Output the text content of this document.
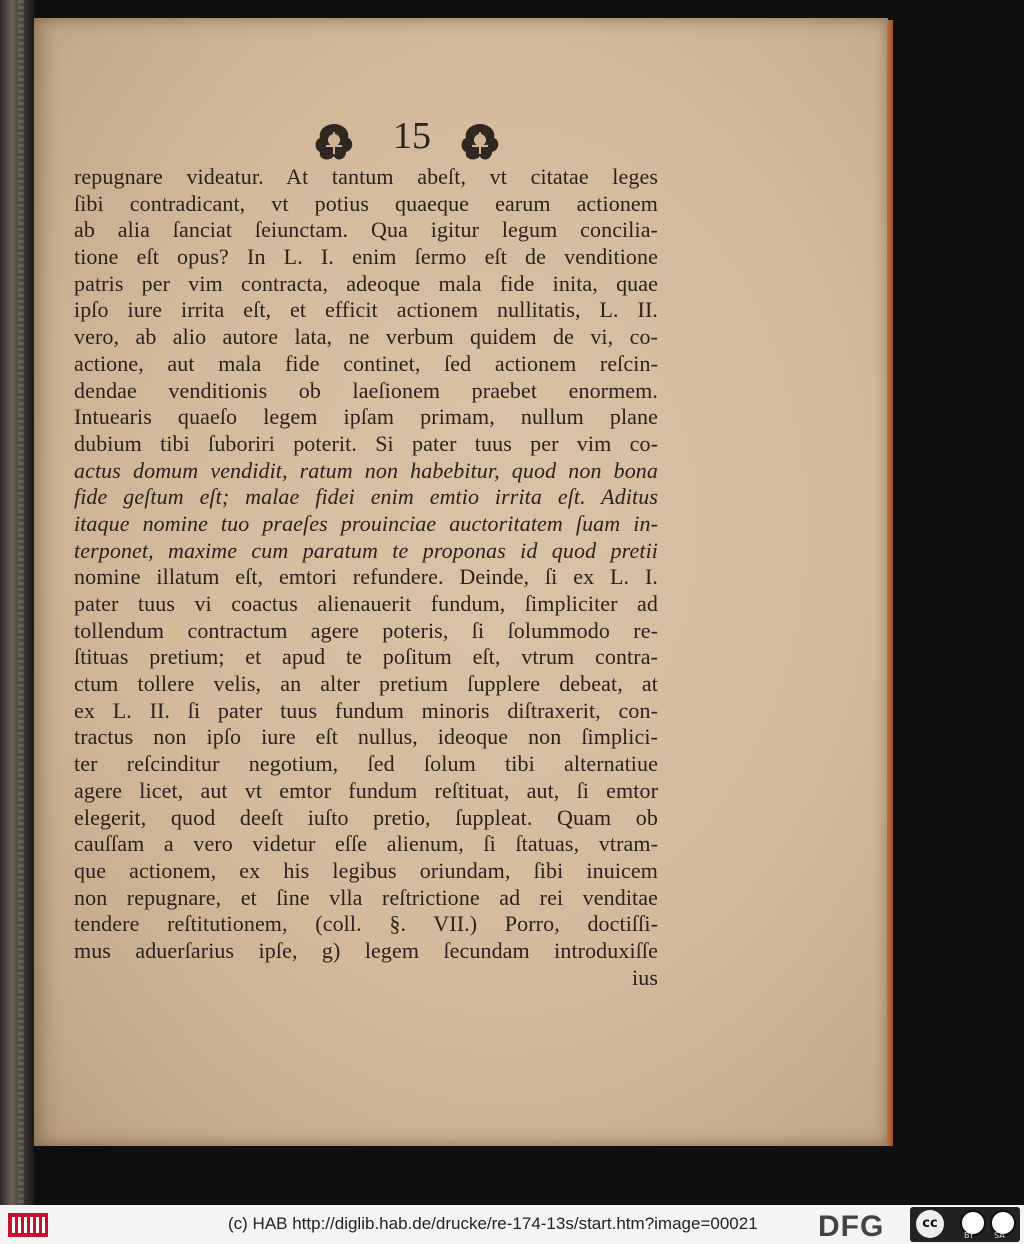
15
repugnare videatur. At tantum abeſt, vt citatae leges
ſibi contradicant, vt potius quaeque earum actionem
ab alia ſanciat ſeiunctam. Qua igitur legum concilia-
tione eſt opus? In L. I. enim ſermo eſt de venditione
patris per vim contracta, adeoque mala fide inita, quae
ipſo iure irrita eſt, et efficit actionem nullitatis, L. II.
vero, ab alio autore lata, ne verbum quidem de vi, co-
actione, aut mala fide continet, ſed actionem reſcin-
dendae venditionis ob laeſionem praebet enormem.
Intuearis quaeſo legem ipſam primam, nullum plane
dubium tibi ſuboriri poterit. Si pater tuus per vim co-
actus domum vendidit, ratum non habebitur, quod non bona
fide geſtum eſt; malae fidei enim emtio irrita eſt. Aditus
itaque nomine tuo praeſes prouinciae auctoritatem ſuam in-
terponet, maxime cum paratum te proponas id quod pretii
nomine illatum eſt, emtori refundere. Deinde, ſi ex L. I.
pater tuus vi coactus alienauerit fundum, ſimpliciter ad
tollendum contractum agere poteris, ſi ſolummodo re-
ſtituas pretium; et apud te poſitum eſt, vtrum contra-
ctum tollere velis, an alter pretium ſupplere debeat, at
ex L. II. ſi pater tuus fundum minoris diſtraxerit, con-
tractus non ipſo iure eſt nullus, ideoque non ſimplici-
ter reſcinditur negotium, ſed ſolum tibi alternatiue
agere licet, aut vt emtor fundum reſtituat, aut, ſi emtor
elegerit, quod deeſt iuſto pretio, ſuppleat. Quam ob
cauſſam a vero videtur eſſe alienum, ſi ſtatuas, vtram-
que actionem, ex his legibus oriundam, ſibi inuicem
non repugnare, et ſine vlla reſtrictione ad rei venditae
tendere reſtitutionem, (coll. §. VII.) Porro, doctiſſi-
mus aduerſarius ipſe, g) legem ſecundam introduxiſſe
ius
(c) HAB http://diglib.hab.de/drucke/re-174-13s/start.htm?image=00021 DFG	cc
BY	SA
